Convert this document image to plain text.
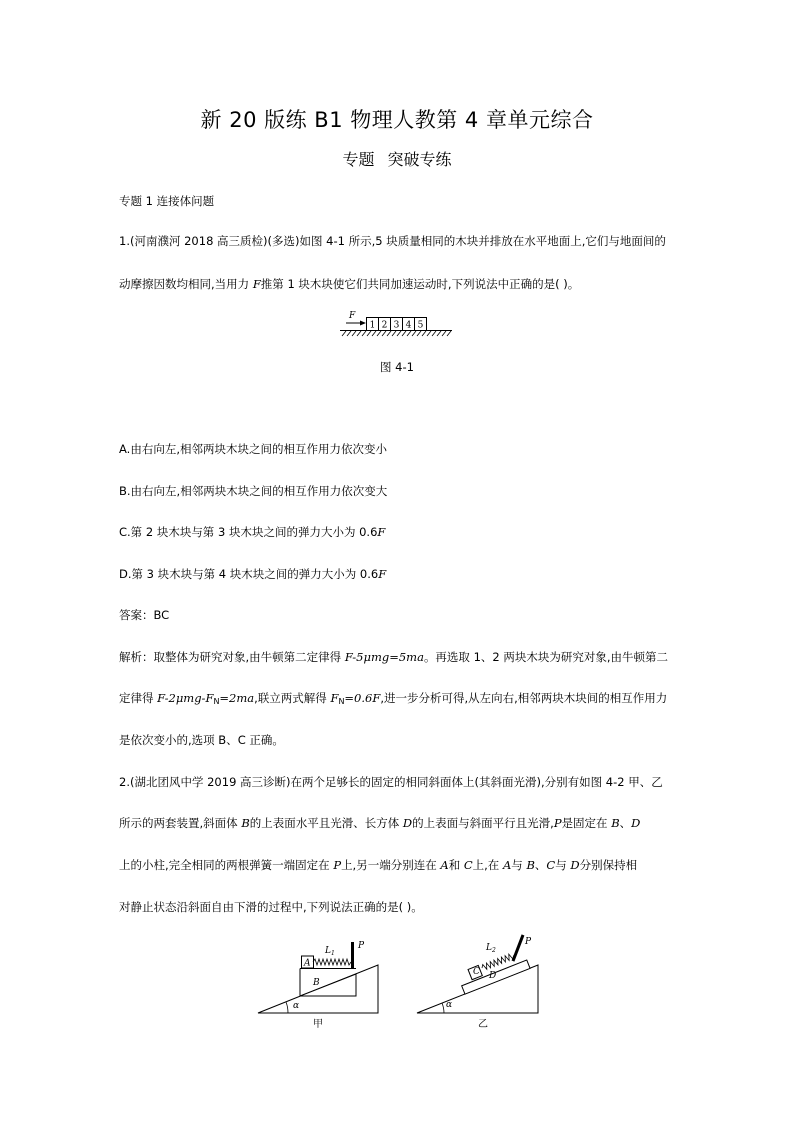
新 20 版练 B1 物理人教第 4 章单元综合
专题 突破专练
专题 1 连接体问题
1.(河南濮河 2018 高三质检)(多选)如图 4-1 所示,5 块质量相同的木块并排放在水平地面上,它们与地面间的
动摩擦因数均相同,当用力 F推第 1 块木块使它们共同加速运动时,下列说法中正确的是( )。
F
1 2 3 4 5
图 4-1
A.由右向左,相邻两块木块之间的相互作用力依次变小
B.由右向左,相邻两块木块之间的相互作用力依次变大
C.第 2 块木块与第 3 块木块之间的弹力大小为 0.6F
D.第 3 块木块与第 4 块木块之间的弹力大小为 0.6F
答案：BC
解析：取整体为研究对象,由牛顿第二定律得 F-5μmg=5ma。再选取 1、2 两块木块为研究对象,由牛顿第二
定律得 $F-2\mu mg-F_N=2ma$,联立两式解得 $F_N=0.6F$,进一步分析可得,从左向右,相邻两块木块间的相互作用力
是依次变小的,选项 B、C 正确。
2.(湖北团风中学 2019 高三诊断)在两个足够长的固定的相同斜面体上(其斜面光滑),分别有如图 4-2 甲、乙
所示的两套装置,斜面体 B的上表面水平且光滑、长方体 D的上表面与斜面平行且光滑,P是固定在 B、D
上的小柱,完全相同的两根弹簧一端固定在 P上,另一端分别连在 A和 C上,在 A与 B、C与 D分别保持相
对静止状态沿斜面自由下滑的过程中,下列说法正确的是( )。
α
B
A
$L_1$
P
甲
α
D
C
$L_2$
P
乙
